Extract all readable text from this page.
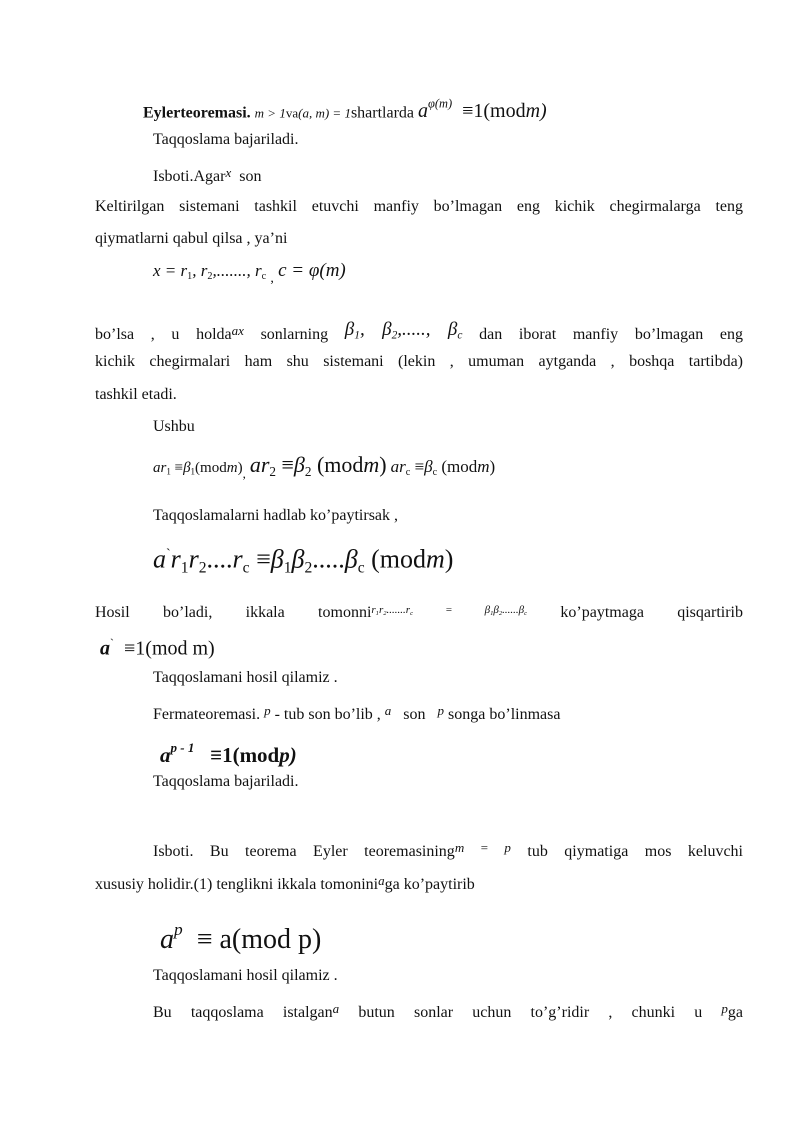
Eylerteoremasi. m > 1va(a, m) = 1shartlarda $a^{\varphi(m)}$ ≡1(modm)
Taqqoslama bajariladi.
Isboti.Agar$^x$ son
Keltirilgan sistemani tashkil etuvchi manfiy bo’lmagan eng kichik chegirmalarga teng
qiymatlarni qabul qilsa , ya’ni
$x = r_1$, $r_2$,......., $r_c$ $_,$ c = φ(m)
bo’lsa , u holda$^{ax}$ sonlarning $\beta_1$, $\beta_2$,....., $\beta_c$ dan iborat manfiy bo’lmagan eng
kichik chegirmalari ham shu sistemani (lekin , umuman aytganda , boshqa tartibda)
tashkil etadi.
Ushbu
$ar_1$ $\equiv\beta_1(modm)_,$ $ar_2 \equiv\beta_2$ (modm) $ar_c \equiv\beta_c$ (modm)
Taqqoslamalarni hadlab ko’paytirsak ,
$a^`r_1r_2....r_c \equiv\beta_1\beta_2.....\beta_c$ (modm)
Hosil bo’ladi, ikkala tomonni$^{r_1r_2.......r_c = \beta_1\beta_2......\beta_c}$ ko’paytmaga qisqartirib
a` ≡1(mod m)
Taqqoslamani hosil qilamiz .
Fermateoremasi. $^p$ - tub son bo’lib , $^a$ son $^p$ songa bo’linmasa
$a^{p - 1}$ ≡1(modp)
Taqqoslama bajariladi.
Isboti. Bu teorema Eyler teoremasining$^{m = p}$ tub qiymatiga mos keluvchi
xususiy holidir.(1) tenglikni ikkala tomonini$^a$ga ko’paytirib
$a^p \equiv a(mod$ p)
Taqqoslamani hosil qilamiz .
Bu taqqoslama istalgan$^a$ butun sonlar uchun to’g’ridir , chunki u $^p$ga
